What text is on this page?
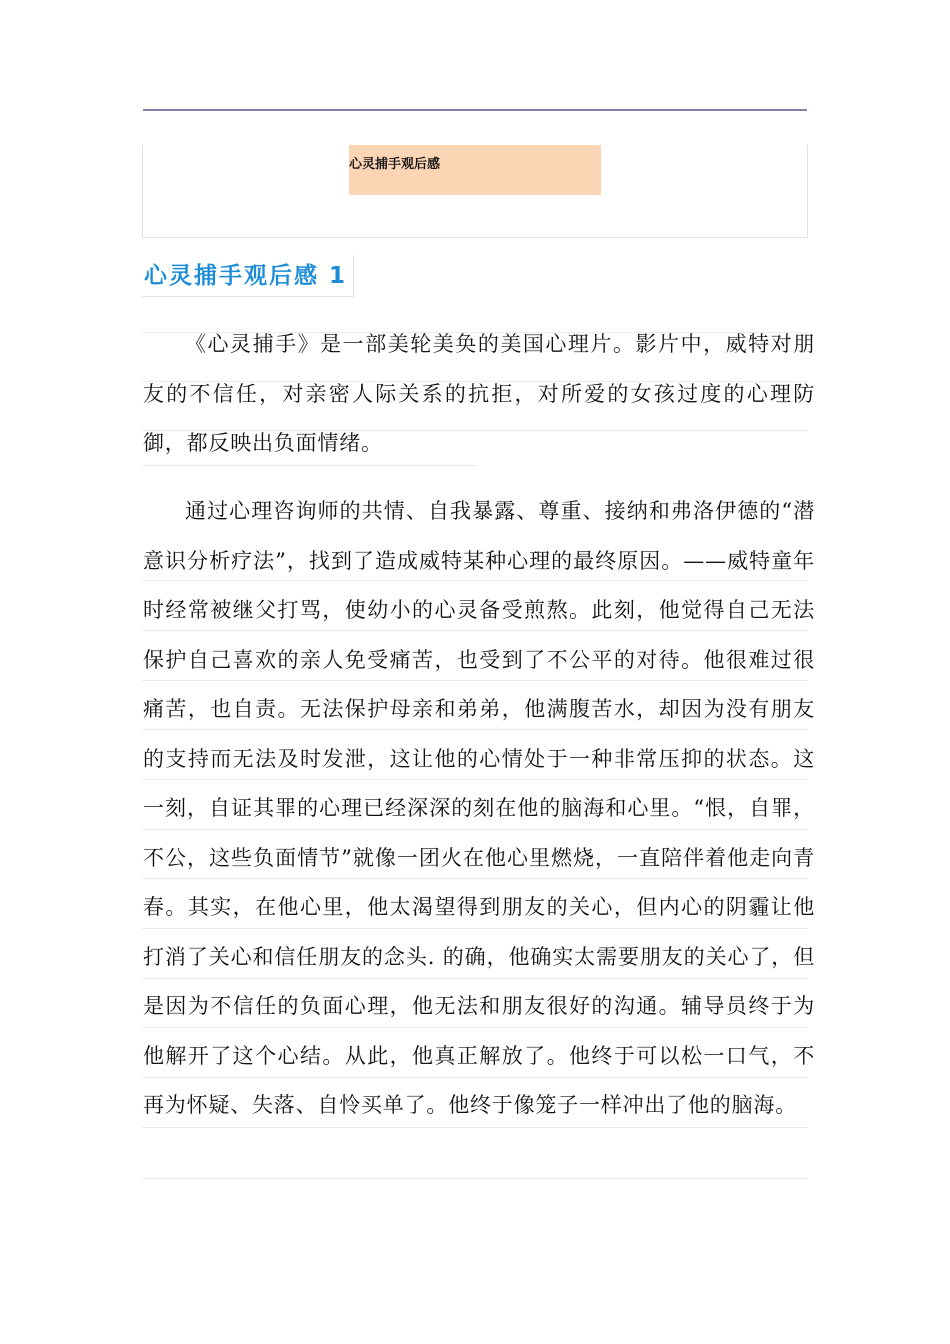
心灵捕手观后感
心灵捕手观后感 1

《心灵捕手》是一部美轮美奂的美国心理片。影片中，威特对朋友的不信任，对亲密人际关系的抗拒，对所爱的女孩过度的心理防御，都反映出负面情绪。

通过心理咨询师的共情、自我暴露、尊重、接纳和弗洛伊德的“潜意识分析疗法”，找到了造成威特某种心理的最终原因。——威特童年时经常被继父打骂，使幼小的心灵备受煎熬。此刻，他觉得自己无法保护自己喜欢的亲人免受痛苦，也受到了不公平的对待。他很难过很痛苦，也自责。无法保护母亲和弟弟，他满腹苦水，却因为没有朋友的支持而无法及时发泄，这让他的心情处于一种非常压抑的状态。这一刻，自证其罪的心理已经深深的刻在他的脑海和心里。“恨，自罪，不公，这些负面情节”就像一团火在他心里燃烧，一直陪伴着他走向青春。其实，在他心里，他太渴望得到朋友的关心，但内心的阴霾让他打消了关心和信任朋友的念头. 的确，他确实太需要朋友的关心了，但是因为不信任的负面心理，他无法和朋友很好的沟通。辅导员终于为他解开了这个心结。从此，他真正解放了。他终于可以松一口气，不再为怀疑、失落、自怜买单了。他终于像笼子一样冲出了他的脑海。
